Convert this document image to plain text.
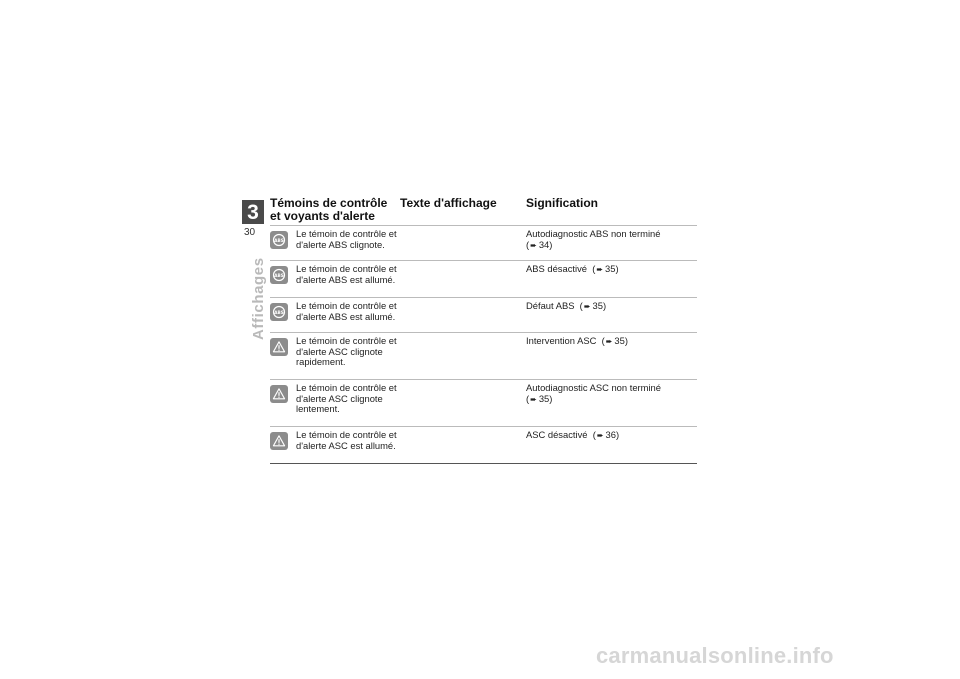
3
30
Affichages
Témoins de contrôle et voyants d'alerte
Texte d'affichage	Signification
ABS
Le témoin de contrôle et d'alerte ABS clignote.
Autodiagnostic ABS non terminé
(➨ 34)
ABS
Le témoin de contrôle et d'alerte ABS est allumé.
ABS désactivé  (➨ 35)
ABS
Le témoin de contrôle et d'alerte ABS est allumé.
Défaut ABS  (➨ 35)
Le témoin de contrôle et d'alerte ASC clignote rapidement.
Intervention ASC  (➨ 35)
Le témoin de contrôle et d'alerte ASC clignote lentement.
Autodiagnostic ASC non terminé
(➨ 35)
Le témoin de contrôle et d'alerte ASC est allumé.
ASC désactivé  (➨ 36)
carmanualsonline.info
